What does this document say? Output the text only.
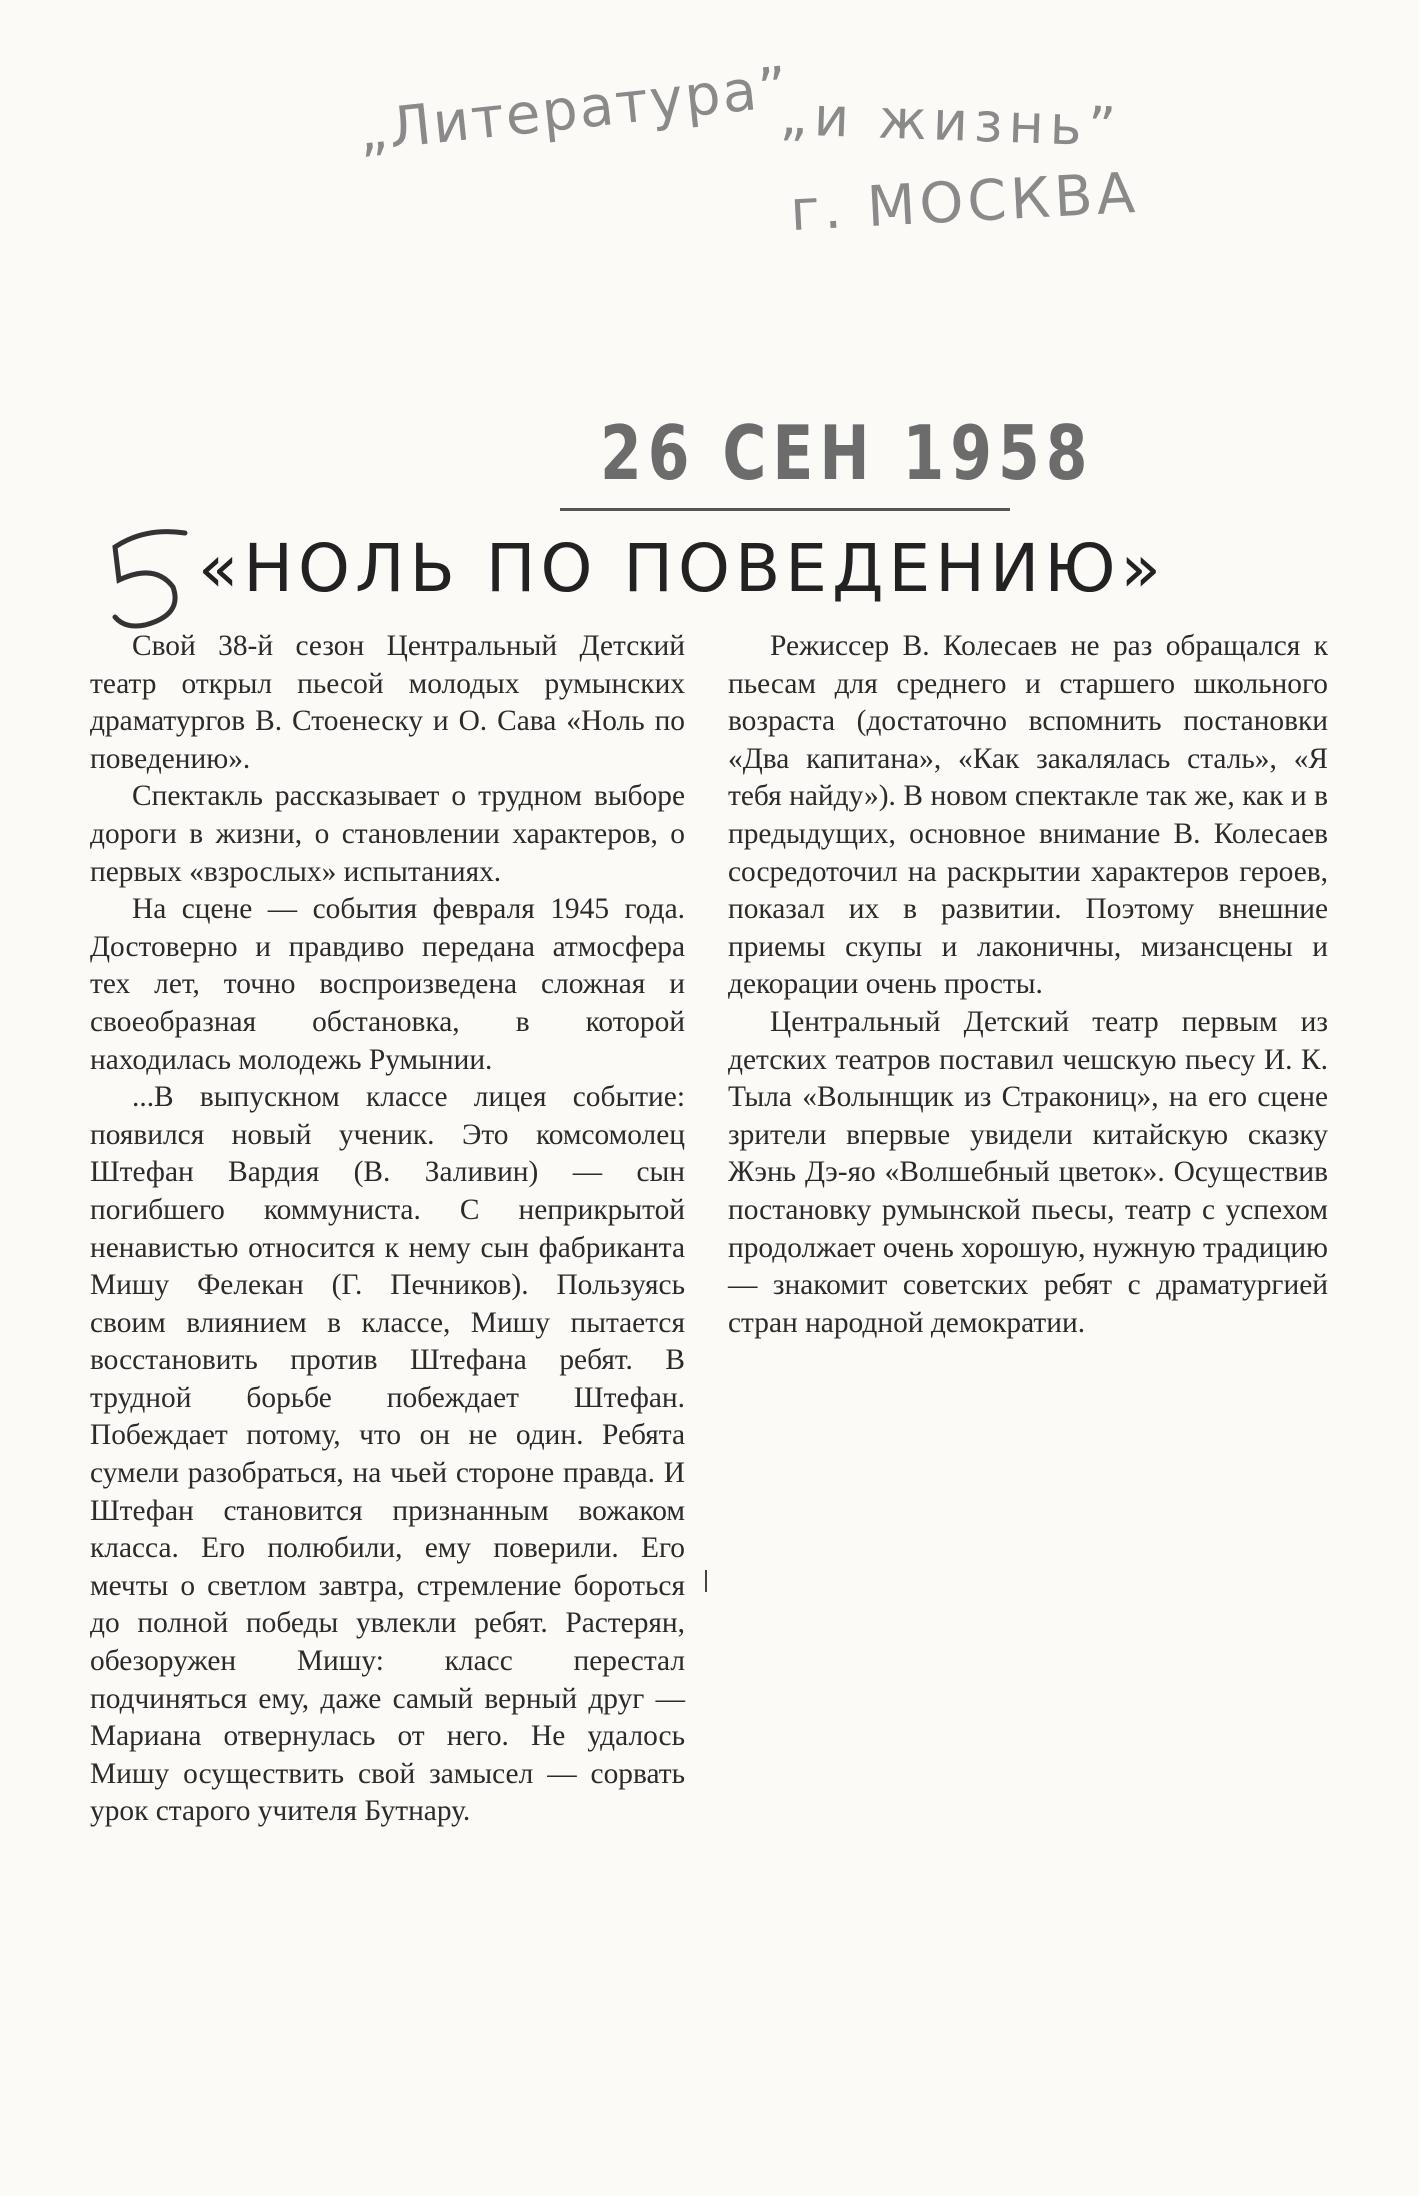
„Литература”
„и жизнь”
г. МОСКВА
26 СЕН 1958
«НОЛЬ ПО ПОВЕДЕНИЮ»

Свой 38-й сезон Центральный Детский театр открыл пьесой молодых румынских драматургов В. Стоенеску и О. Сава «Ноль по поведению».

Спектакль рассказывает о трудном выборе дороги в жизни, о становлении характеров, о первых «взрослых» испытаниях.

На сцене — события февраля 1945 года. Достоверно и правдиво передана атмосфера тех лет, точно воспроизведена сложная и своеобразная обстановка, в которой находилась молодежь Румынии.

...В выпускном классе лицея событие: появился новый ученик. Это комсомолец Штефан Вардия (В. Заливин) — сын погибшего коммуниста. С неприкрытой ненавистью относится к нему сын фабриканта Мишу Фелекан (Г. Печников). Пользуясь своим влиянием в классе, Мишу пытается восстановить против Штефана ребят. В трудной борьбе побеждает Штефан. Побеждает потому, что он не один. Ребята сумели разобраться, на чьей стороне правда. И Штефан становится признанным вожаком класса. Его полюбили, ему поверили. Его мечты о светлом завтра, стремление бороться до полной победы увлекли ребят. Растерян, обезоружен Мишу: класс перестал подчиняться ему, даже самый верный друг — Мариана отвернулась от него. Не удалось Мишу осуществить свой замысел — сорвать урок старого учителя Бутнару.

Режиссер В. Колесаев не раз обращался к пьесам для среднего и старшего школьного возраста (достаточно вспомнить постановки «Два капитана», «Как закалялась сталь», «Я тебя найду»). В новом спектакле так же, как и в предыдущих, основное внимание В. Колесаев сосредоточил на раскрытии характеров героев, показал их в развитии. Поэтому внешние приемы скупы и лаконичны, мизансцены и декорации очень просты.

Центральный Детский театр первым из детских театров поставил чешскую пьесу И. К. Тыла «Волынщик из Стракониц», на его сцене зрители впервые увидели китайскую сказку Жэнь Дэ-яо «Волшебный цветок». Осуществив постановку румынской пьесы, театр с успехом продолжает очень хорошую, нужную традицию — знакомит советских ребят с драматургией стран народной демократии.
